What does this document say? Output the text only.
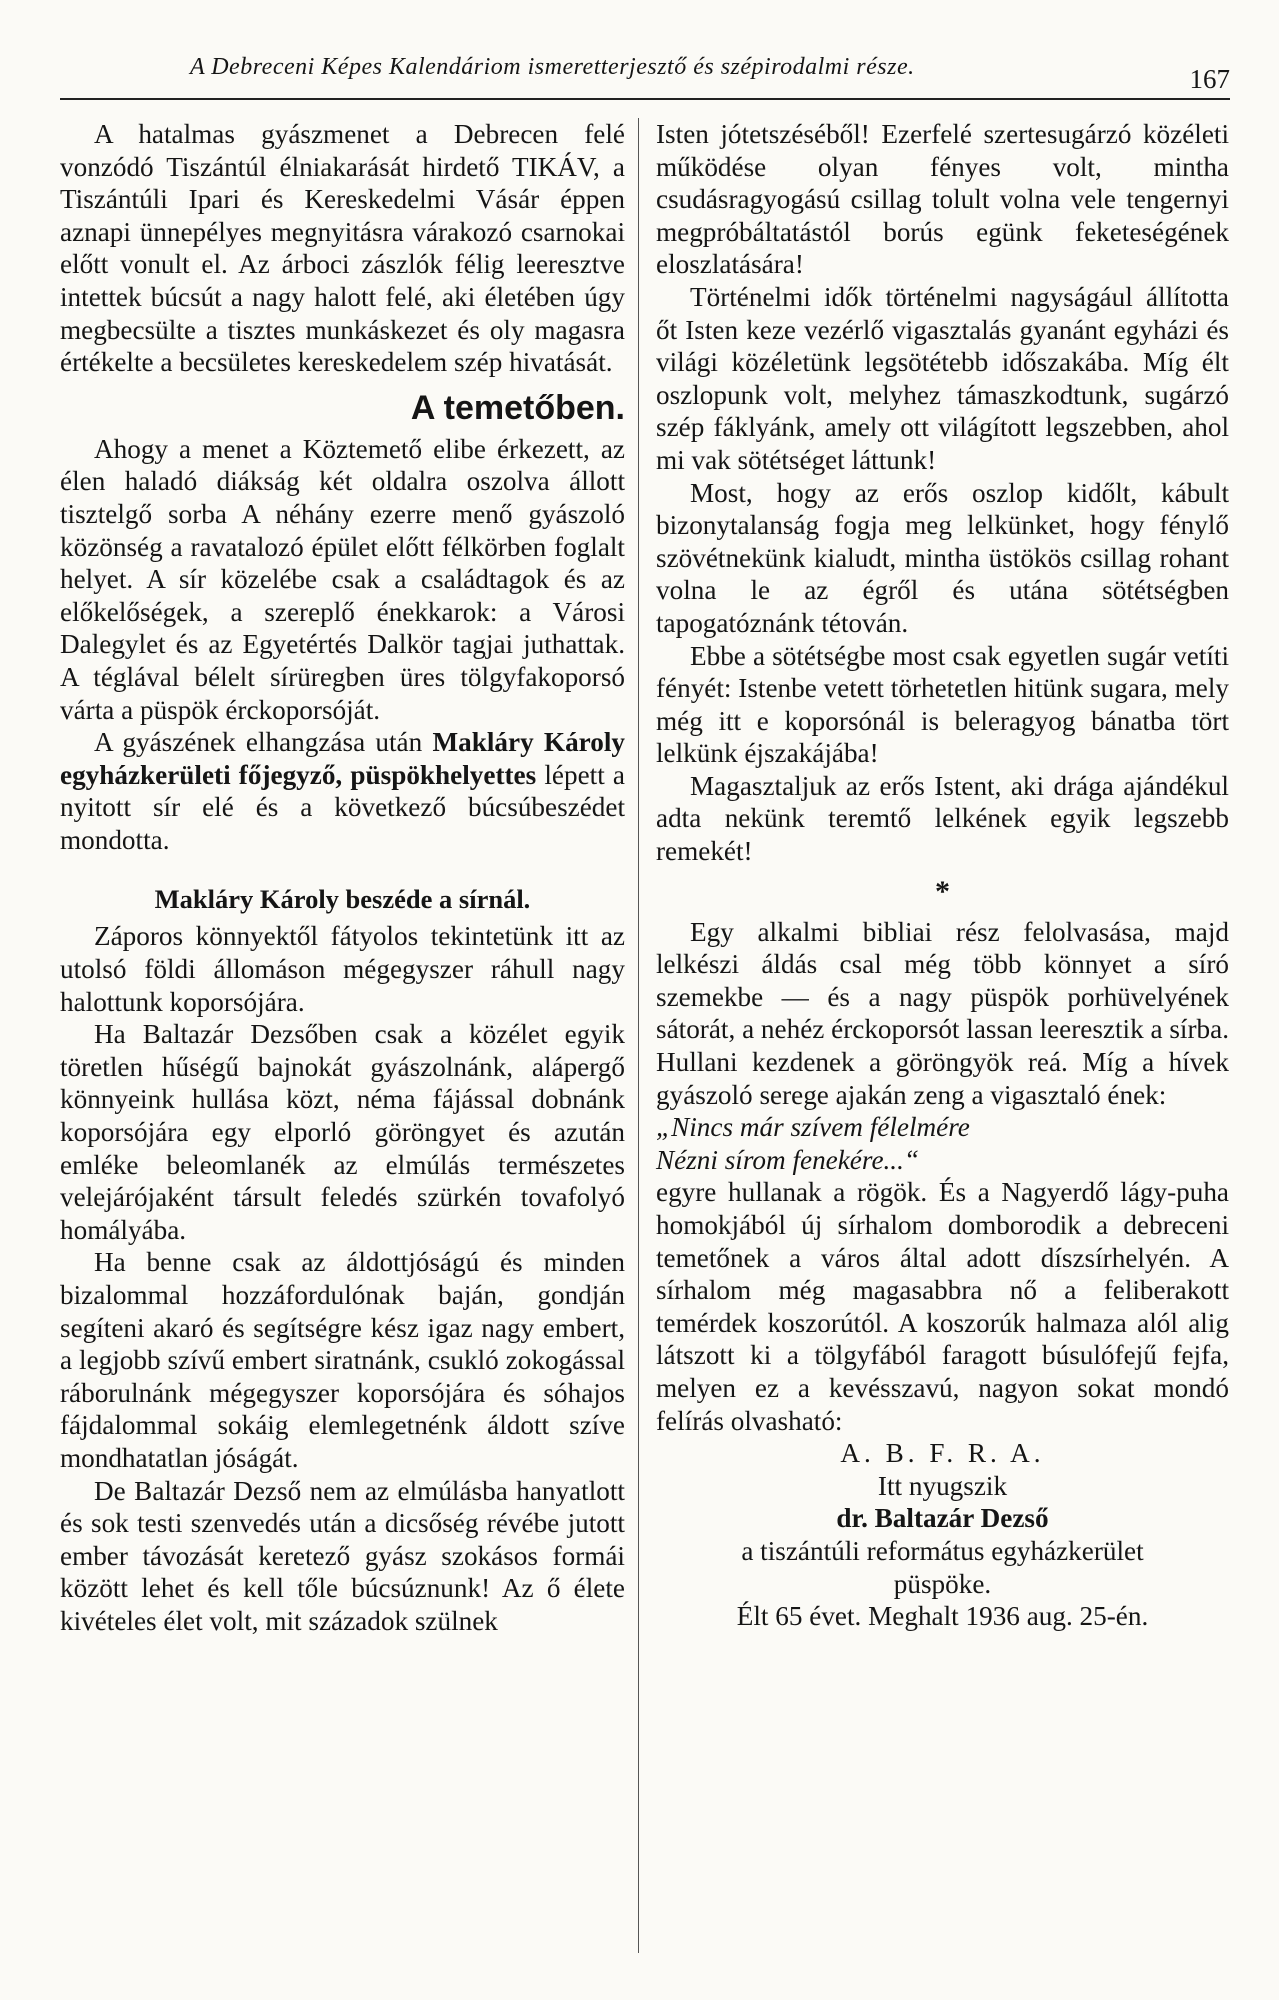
A Debreceni Képes Kalendáriom ismeretterjesztő és szépirodalmi része.	167

A hatalmas gyászmenet a Debrecen felé vonzódó Tiszántúl élniakarását hirdető TIKÁV, a Tiszántúli Ipari és Kereskedelmi Vásár éppen aznapi ünnepélyes megnyitásra várakozó csarnokai előtt vonult el. Az árboci zászlók félig leeresztve intettek búcsút a nagy halott felé, aki életében úgy megbecsülte a tisztes munkáskezet és oly magasra értékelte a becsületes kereskedelem szép hivatását.

A temetőben.

Ahogy a menet a Köztemető elibe érkezett, az élen haladó diákság két oldalra oszolva állott tisztelgő sorba A néhány ezerre menő gyászoló közönség a ravatalozó épület előtt félkörben foglalt helyet. A sír közelébe csak a családtagok és az előkelőségek, a szereplő énekkarok: a Városi Dalegylet és az Egyetértés Dalkör tagjai juthattak. A téglával bélelt sírüregben üres tölgyfakoporsó várta a püspök érckoporsóját.

A gyászének elhangzása után Makláry Károly egyházkerületi főjegyző, püspökhelyettes lépett a nyitott sír elé és a következő búcsúbeszédet mondotta.

Makláry Károly beszéde a sírnál.

Záporos könnyektől fátyolos tekintetünk itt az utolsó földi állomáson mégegyszer ráhull nagy halottunk koporsójára.

Ha Baltazár Dezsőben csak a közélet egyik töretlen hűségű bajnokát gyászolnánk, alápergő könnyeink hullása közt, néma fájással dobnánk koporsójára egy elporló göröngyet és azután emléke beleomlanék az elmúlás természetes velejárójaként társult feledés szürkén tovafolyó homályába.

Ha benne csak az áldottjóságú és minden bizalommal hozzáfordulónak baján, gondján segíteni akaró és segítségre kész igaz nagy embert, a legjobb szívű embert siratnánk, csukló zokogással ráborulnánk mégegyszer koporsójára és sóhajos fájdalommal sokáig elemlegetnénk áldott szíve mondhatatlan jóságát.

De Baltazár Dezső nem az elmúlásba hanyatlott és sok testi szenvedés után a dicsőség révébe jutott ember távozását keretező gyász szokásos formái között lehet és kell tőle búcsúznunk! Az ő élete kivételes élet volt, mit századok szülnek

Isten jótetszéséből! Ezerfelé szertesugárzó közéleti működése olyan fényes volt, mintha csudásragyogású csillag tolult volna vele tengernyi megpróbáltatástól borús egünk feketeségének eloszlatására!

Történelmi idők történelmi nagyságául állította őt Isten keze vezérlő vigasztalás gyanánt egyházi és világi közéletünk legsötétebb időszakába. Míg élt oszlopunk volt, melyhez támaszkodtunk, sugárzó szép fáklyánk, amely ott világított legszebben, ahol mi vak sötétséget láttunk!

Most, hogy az erős oszlop kidőlt, kábult bizonytalanság fogja meg lelkünket, hogy fénylő szövétnekünk kialudt, mintha üstökös csillag rohant volna le az égről és utána sötétségben tapogatóznánk tétován.

Ebbe a sötétségbe most csak egyetlen sugár vetíti fényét: Istenbe vetett törhetetlen hitünk sugara, mely még itt e koporsónál is beleragyog bánatba tört lelkünk éjszakájába!

Magasztaljuk az erős Istent, aki drága ajándékul adta nekünk teremtő lelkének egyik legszebb remekét!

*

Egy alkalmi bibliai rész felolvasása, majd lelkészi áldás csal még több könnyet a síró szemekbe — és a nagy püspök porhüvelyének sátorát, a nehéz érckoporsót lassan leeresztik a sírba. Hullani kezdenek a göröngyök reá. Míg a hívek gyászoló serege ajakán zeng a vigasztaló ének:

„Nincs már szívem félelmére

Nézni sírom fenekére...“

egyre hullanak a rögök. És a Nagyerdő lágy-puha homokjából új sírhalom domborodik a debreceni temetőnek a város által adott díszsírhelyén. A sírhalom még magasabbra nő a feliberakott temérdek koszorútól. A koszorúk halmaza alól alig látszott ki a tölgyfából faragott búsulófejű fejfa, melyen ez a kevésszavú, nagyon sokat mondó felírás olvasható:

A. B. F. R. A.

Itt nyugszik

dr. Baltazár Dezső

a tiszántúli református egyházkerület

püspöke.

Élt 65 évet. Meghalt 1936 aug. 25-én.
